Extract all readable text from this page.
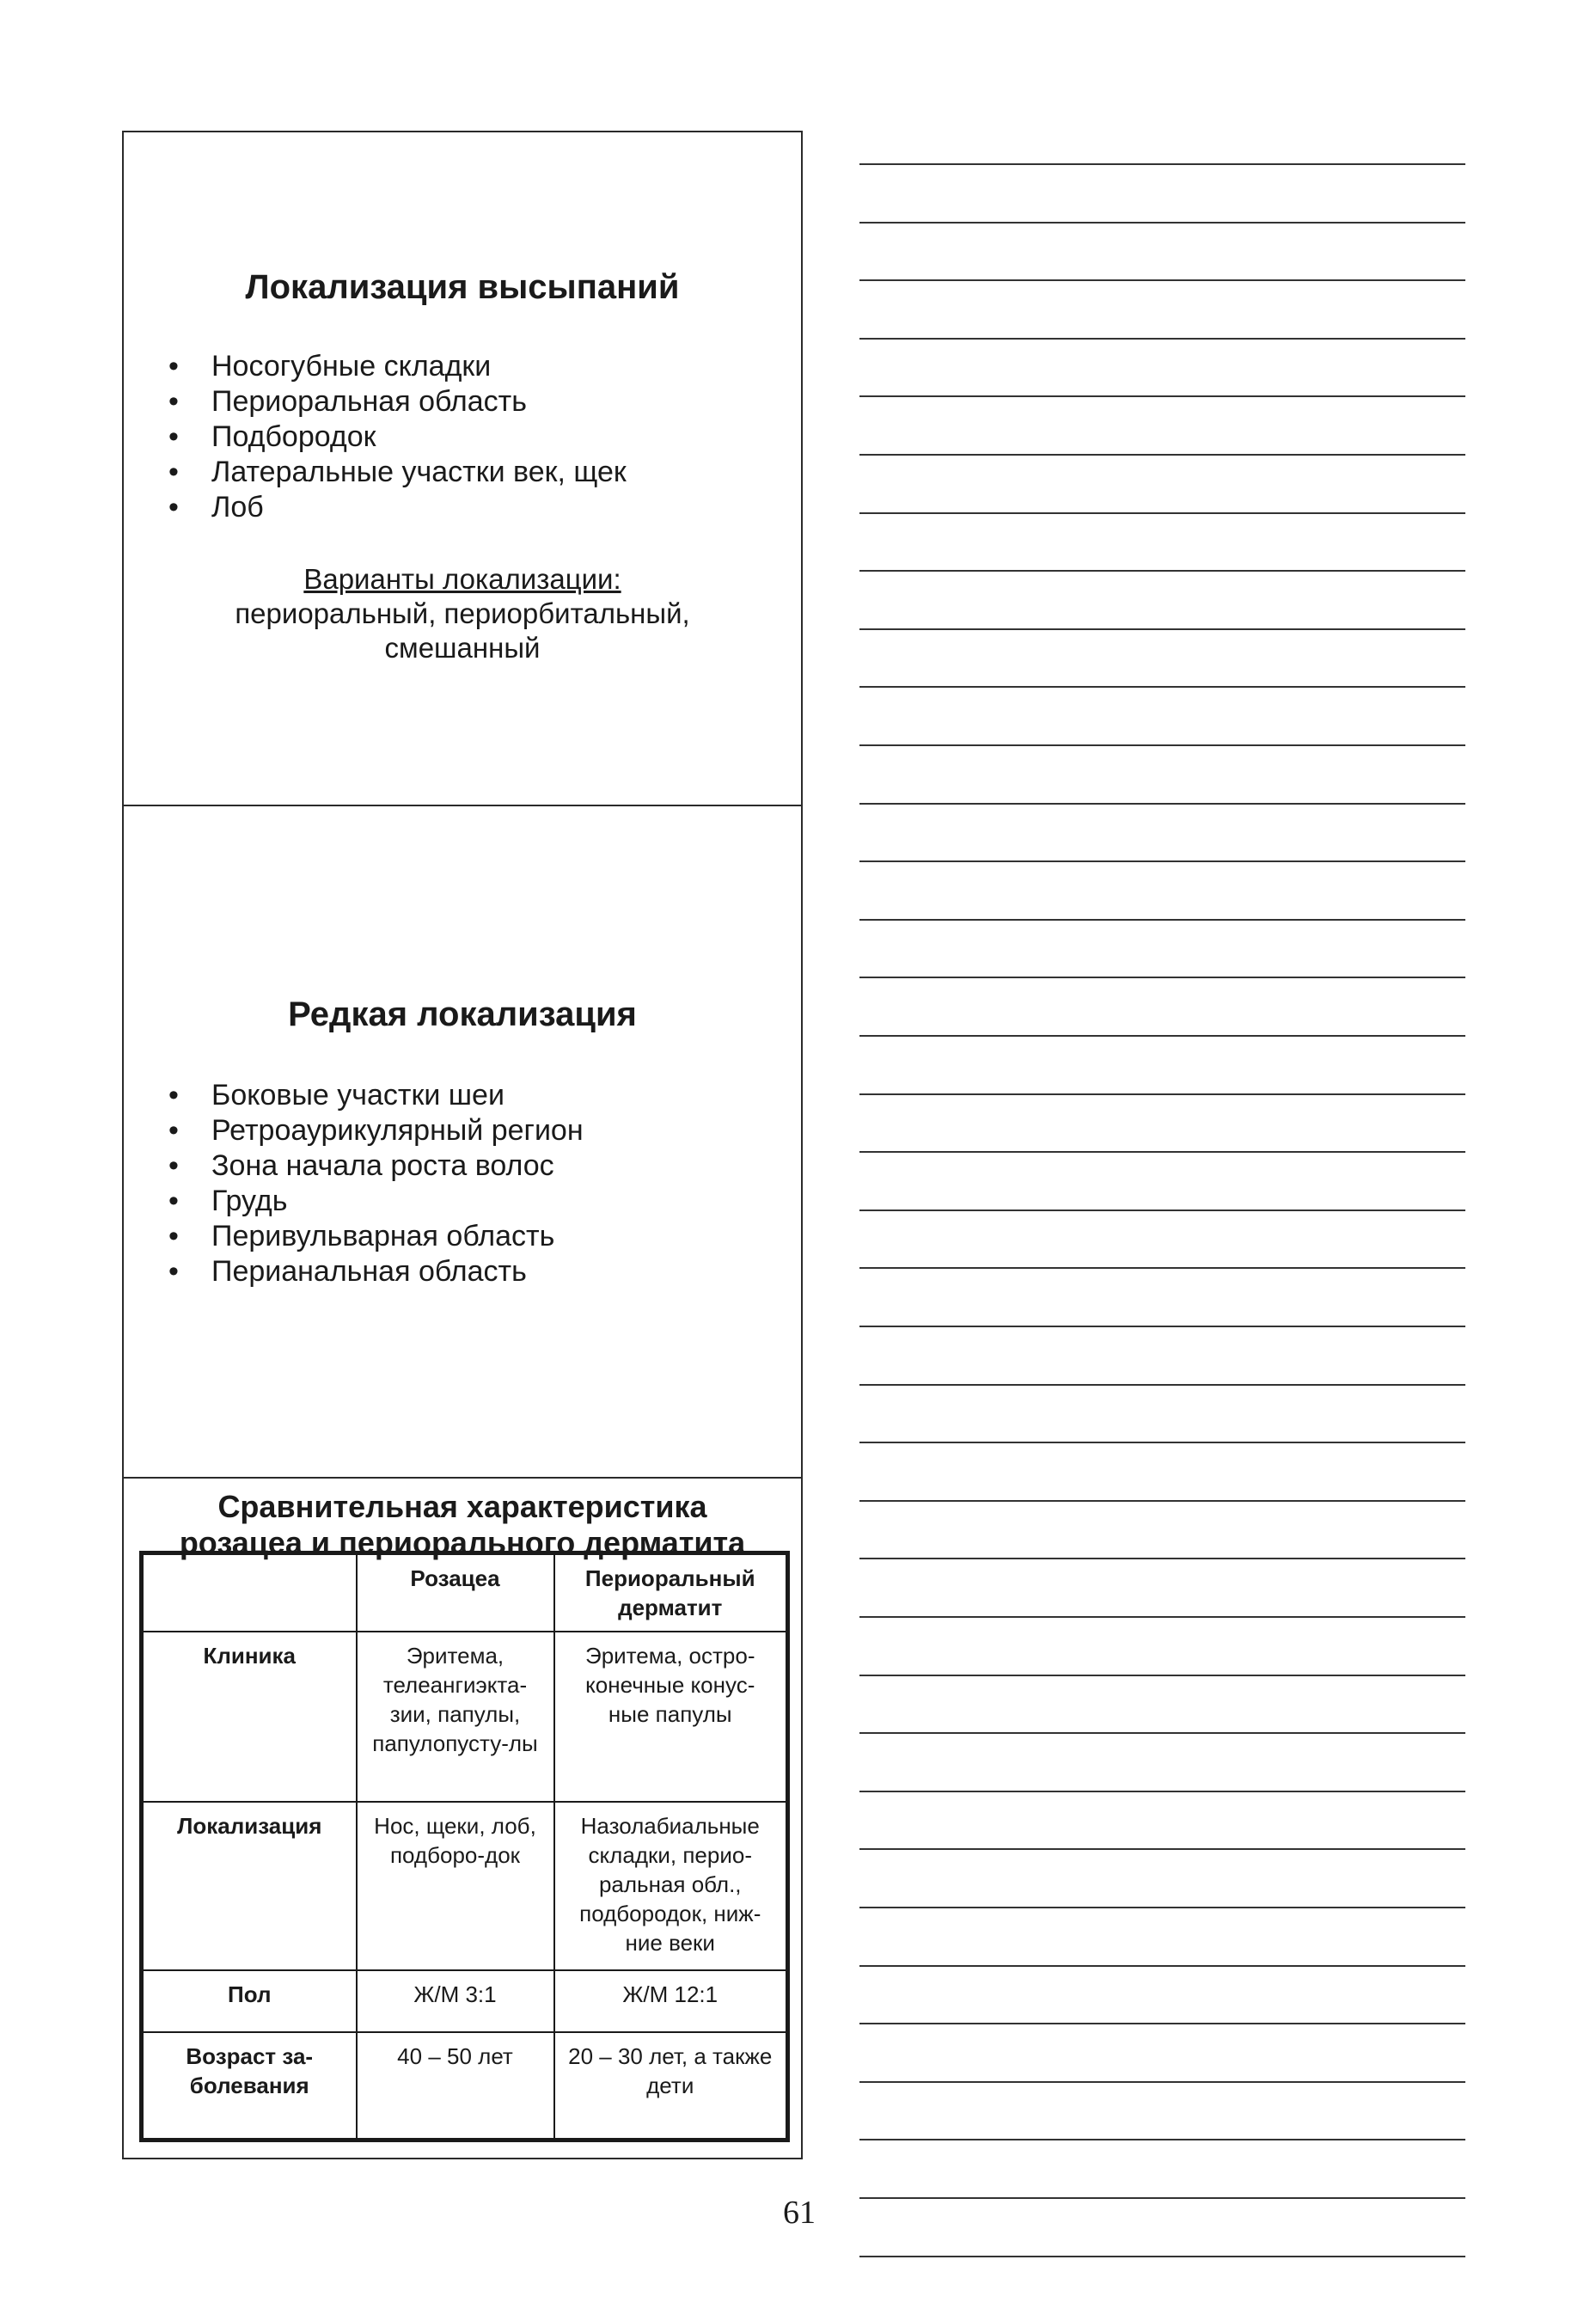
Локализация высыпаний
• Носогубные складки
• Периоральная область
• Подбородок
• Латеральные участки век, щек
• Лоб
Варианты локализации:
периоральный, периорбитальный,
смешанный
Редкая локализация
• Боковые участки шеи
• Ретроаурикулярный регион
• Зона начала роста волос
• Грудь
• Перивульварная область
• Перианальная область
Сравнительная характеристика
розацеа и периорального дерматита
	Розацеа	Периоральный дерматит
Клиника	Эритема, телеангиэкта-зии, папулы, папулопусту-лы	Эритема, остро-конечные конус-ные папулы
Локализация	Нос, щеки, лоб, подборо-док	Назолабиальные складки, перио-ральная обл., подбородок, ниж-ние веки
Пол	Ж/М 3:1	Ж/М 12:1
Возраст за-болевания	40 – 50 лет	20 – 30 лет, а также дети
61
